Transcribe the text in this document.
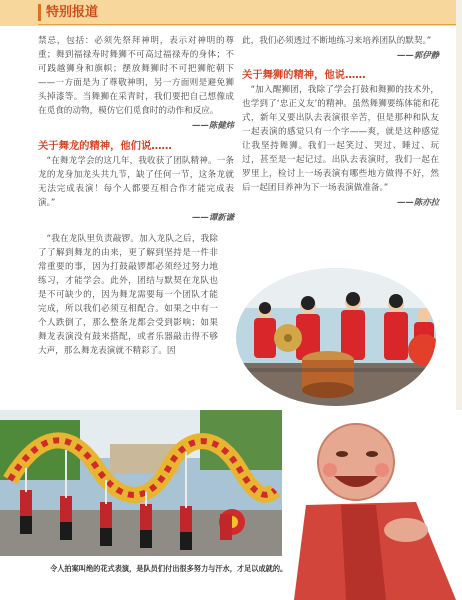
特别报道

禁忌，包括：必须先祭拜神明，表示对神明的尊重；舞到福禄寿时舞狮不可高过福禄寿的身体；不可践越狮身和旗帜；摆放舞狮时不可把狮舵朝下——一方面是为了尊敬神明，另一方面则是避免狮头掉漆等。当舞狮在采青时，我们要把自己想像成在觅食的动物，模仿它们觅食时的动作和反应。

——陈健炜

关于舞龙的精神，他们说……

“在舞龙学会的这几年，我收获了团队精神。一条龙的龙身加龙头共九节，缺了任何一节，这条龙就无法完成表演！每个人都要互相合作才能完成表演。”

——谭新谦

“我在龙队里负责敲锣。加入龙队之后，我除了了解到舞龙的由来，更了解到坚持是一件非常重要的事，因为打鼓敲锣都必须经过努力地练习，才能学会。此外，团结与默契在龙队也是不可缺少的，因为舞龙需要每一个团队才能完成，所以我们必须互相配合。如果之中有一个人跌倒了，那么整条龙都会受到影响；如果舞龙表演没有鼓来搭配，或者乐器敲击得不够大声，那么舞龙表演就不精彩了。因

此，我们必须透过不断地练习来培养团队的默契。”

——郭伊静

关于舞狮的精神，他说……

“加入醒狮团，我除了学会打鼓和舞狮的技术外，也学到了‘忠正义友’的精神。虽然舞狮要练体能和花式，新年又要出队去表演很辛苦，但是那种和队友一起表演的感觉只有一个字——爽，就是这种感觉让我坚持舞狮。我们一起笑过、哭过、睡过、玩过，甚至是一起记过。出队去表演时，我们一起在罗里上，检讨上一场表演有哪些地方做得不好，然后一起团目养神为下一场表演做准备。”

——陈亦拉
令人拍案叫绝的花式表演，是队员们付出很多努力与汗水，才足以成就的。
